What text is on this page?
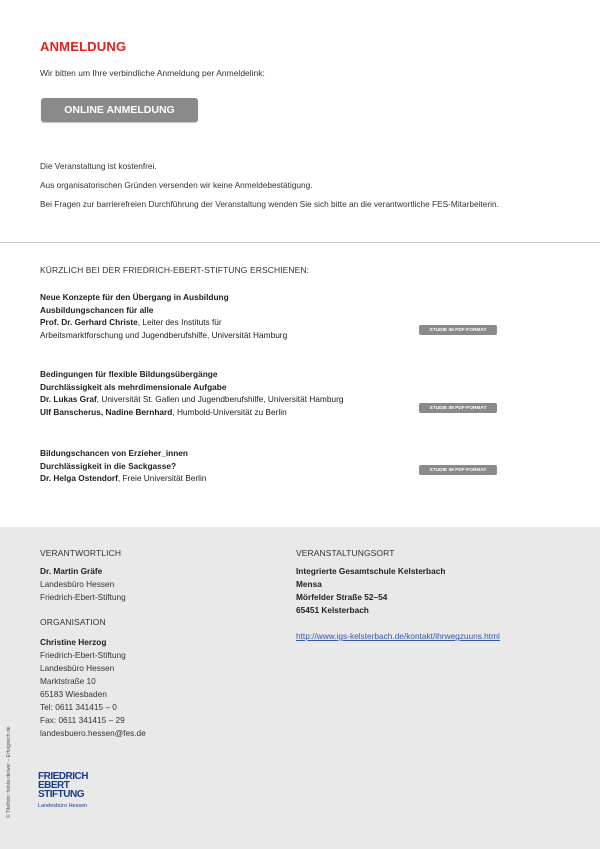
ANMELDUNG
Wir bitten um Ihre verbindliche Anmeldung per Anmeldelink:
ONLINE ANMELDUNG
Die Veranstaltung ist kostenfrei.
Aus organisatorischen Gründen versenden wir keine Anmeldebestätigung.
Bei Fragen zur barrierefreien Durchführung der Veranstaltung wenden Sie sich bitte an die verantwortliche FES-Mitarbeiterin.
KÜRZLICH BEI DER FRIEDRICH-EBERT-STIFTUNG ERSCHIENEN:
Neue Konzepte für den Übergang in Ausbildung
Ausbildungschancen für alle
Prof. Dr. Gerhard Christe, Leiter des Instituts für
Arbeitsmarktforschung und Jugendberufshilfe, Universität Hamburg	STUDIE IM PDF-FORMAT
Bedingungen für flexible Bildungsübergänge
Durchlässigkeit als mehrdimensionale Aufgabe
Dr. Lukas Graf, Universität St. Gallen und Jugendberufshilfe, Universität Hamburg
Ulf Banscherus, Nadine Bernhard, Humbold-Universität zu Berlin	STUDIE IM PDF-FORMAT
Bildungschancen von Erzieher_innen
Durchlässigkeit in die Sackgasse?
Dr. Helga Ostendorf, Freie Universität Berlin
STUDIE IM PDF-FORMAT
VERANTWORTLICH
Dr. Martin Gräfe
Landesbüro Hessen
Friedrich-Ebert-Stiftung
ORGANISATION
Christine Herzog
Friedrich-Ebert-Stiftung
Landesbüro Hessen
Marktstraße 10
65183 Wiesbaden
Tel: 0611 341415 – 0
Fax: 0611 341415 – 29
landesbuero.hessen@fes.de
VERANSTALTUNGSORT
Integrierte Gesamtschule Kelsterbach
Mensa
Mörfelder Straße 52–54
65451 Kelsterbach
http://www.igs-kelsterbach.de/kontakt/ihrwegzuuns.html
© Titelfoto: fotolia.de/wer – Erfolgreich.de	FRIEDRICH
EBERT
STIFTUNG
Landesbüro Hessen
